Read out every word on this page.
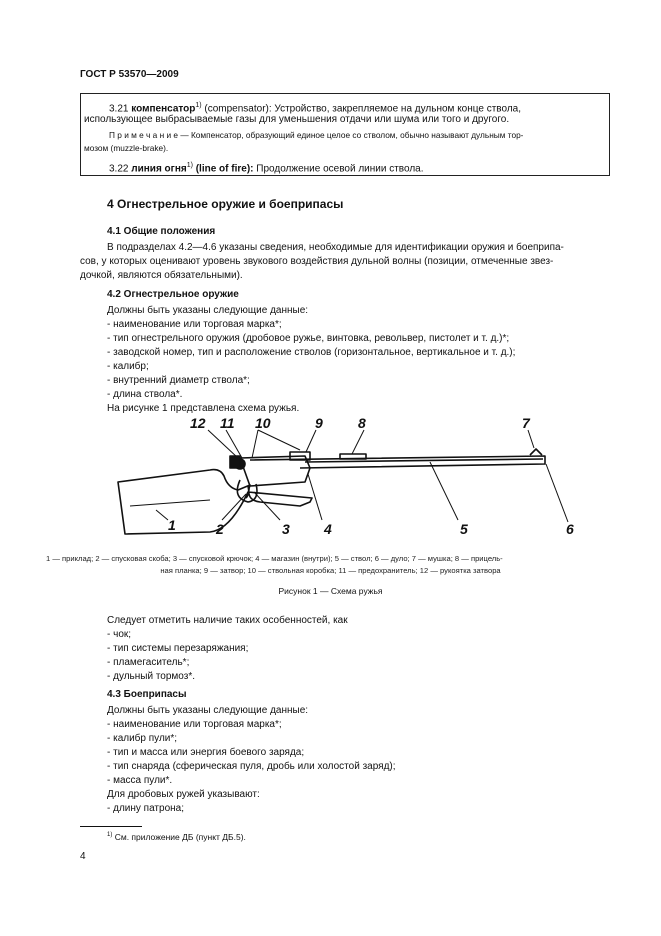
ГОСТ Р 53570—2009
3.21 компенсатор$^{1)}$ (compensator): Устройство, закрепляемое на дульном конце ствола,
использующее выбрасываемые газы для уменьшения отдачи или шума или того и другого.
П р и м е ч а н и е — Компенсатор, образующий единое целое со стволом, обычно называют дульным тор-
мозом (muzzle-brake).
3.22 линия огня$^{1)}$ (line of fire): Продолжение осевой линии ствола.
4 Огнестрельное оружие и боеприпасы
4.1 Общие положения
В подразделах 4.2—4.6 указаны сведения, необходимые для идентификации оружия и боеприпа-
сов, у которых оценивают уровень звукового воздействия дульной волны (позиции, отмеченные звез-
дочкой, являются обязательными).
4.2 Огнестрельное оружие
Должны быть указаны следующие данные:
- наименование или торговая марка*;
- тип огнестрельного оружия (дробовое ружье, винтовка, револьвер, пистолет и т. д.)*;
- заводской номер, тип и расположение стволов (горизонтальное, вертикальное и т. д.);
- калибр;
- внутренний диаметр ствола*;
- длина ствола*.
На рисунке 1 представлена схема ружья.
12 11 10	9	8	7
6
5
4
3
2
1
1 — приклад; 2 — спусковая скоба; 3 — спусковой крючок; 4 — магазин (внутри); 5 — ствол; 6 — дуло; 7 — мушка; 8 — прицель-
ная планка; 9 — затвор; 10 — ствольная коробка; 11 — предохранитель; 12 — рукоятка затвора
Рисунок 1 — Схема ружья
Следует отметить наличие таких особенностей, как
- чок;
- тип системы перезаряжания;
- пламегаситель*;
- дульный тормоз*.
4.3 Боеприпасы
Должны быть указаны следующие данные:
- наименование или торговая марка*;
- калибр пули*;
- тип и масса или энергия боевого заряда;
- тип снаряда (сферическая пуля, дробь или холостой заряд);
- масса пули*.
Для дробовых ружей указывают:
- длину патрона;
$^{1)}$ См. приложение ДБ (пункт ДБ.5).
4
